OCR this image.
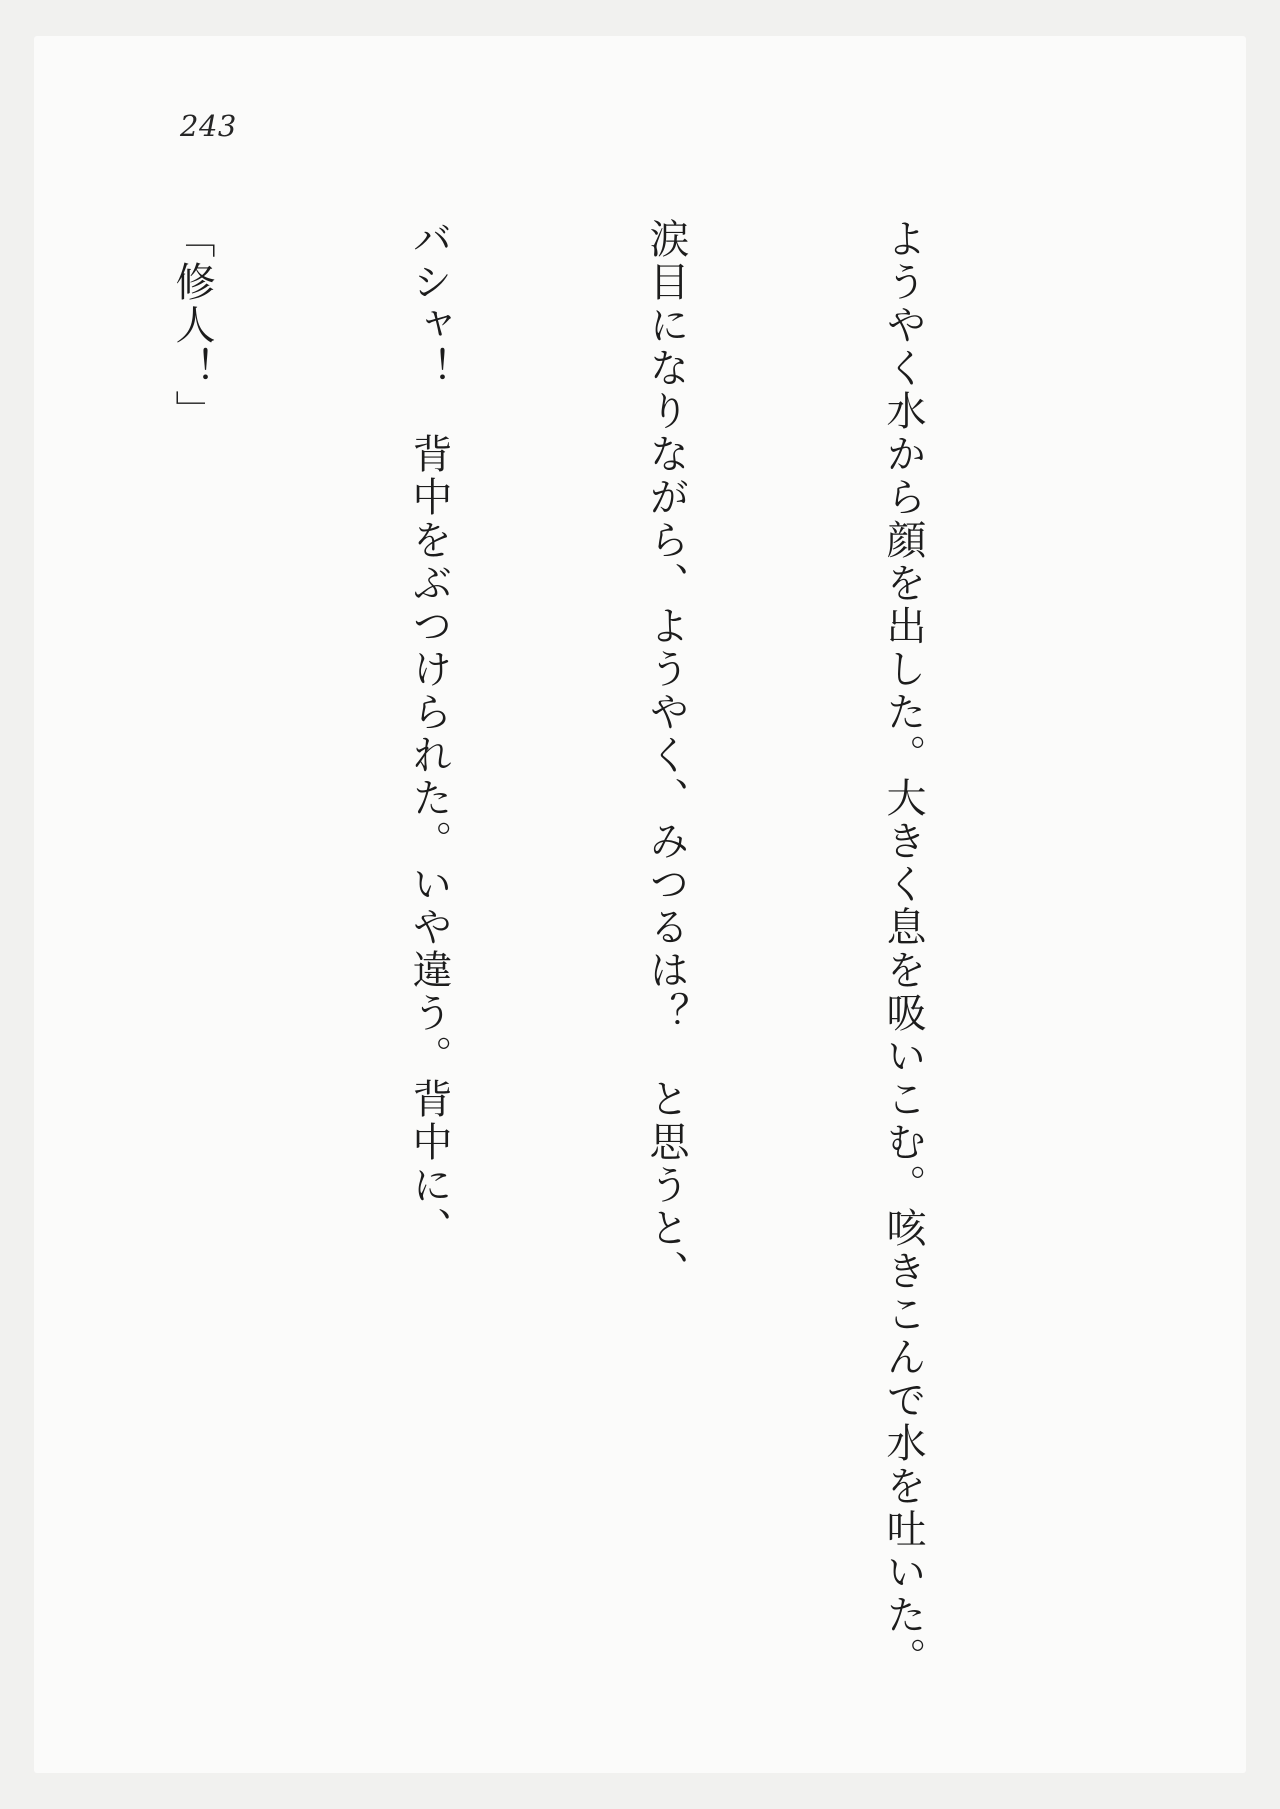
243

ようやく水から顔を出した。大きく息を吸いこむ。咳きこんで水を吐いた。

涙目になりながら、ようやく、みつるは？　と思うと、

バシャ！　背中をぶつけられた。いや違う。背中に、

「修人！」
